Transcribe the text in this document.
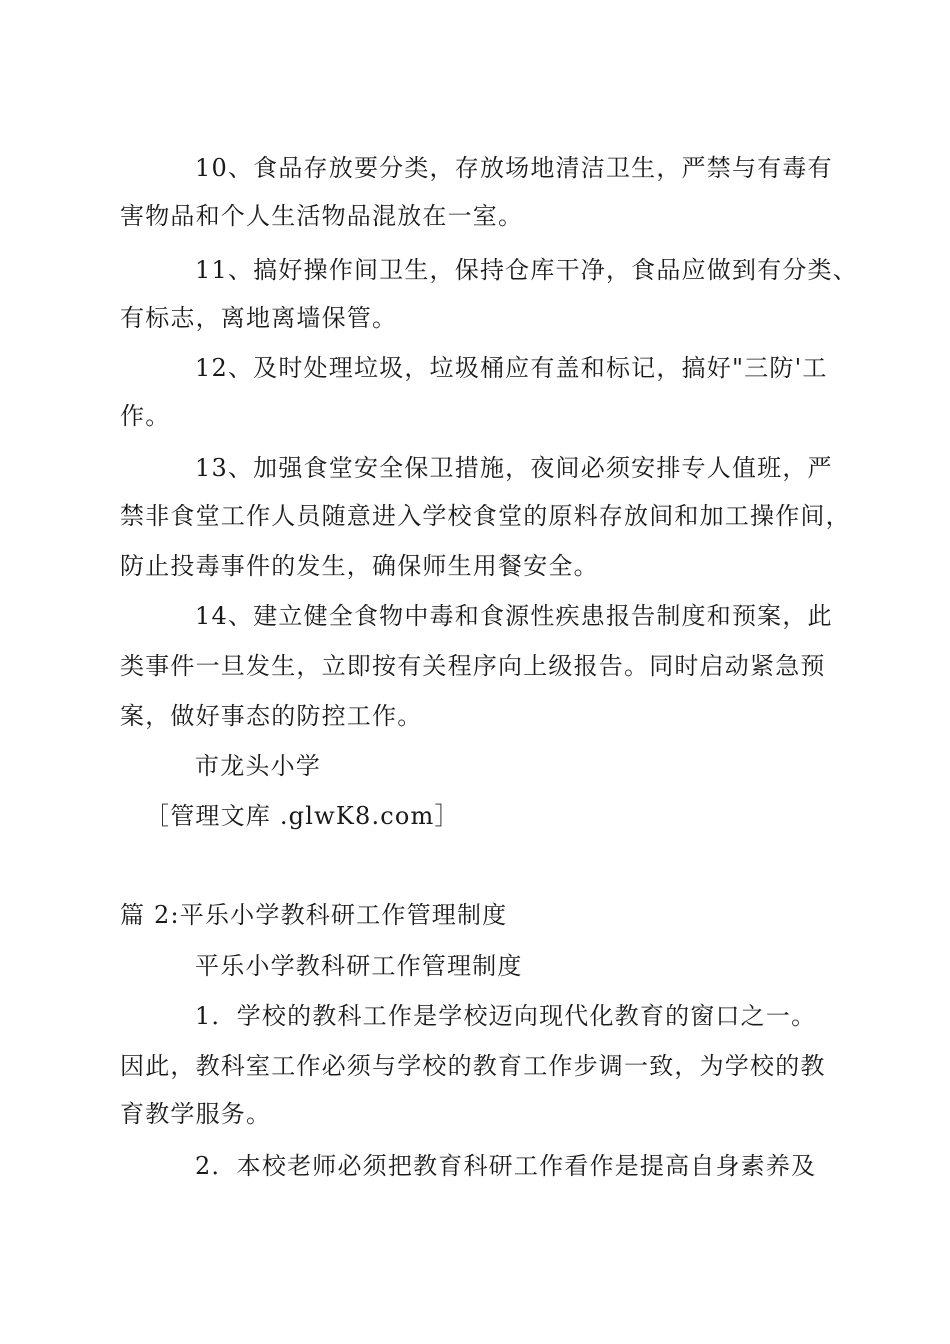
10、食品存放要分类，存放场地清洁卫生，严禁与有毒有
害物品和个人生活物品混放在一室。
11、搞好操作间卫生，保持仓库干净，食品应做到有分类、
有标志，离地离墙保管。
12、及时处理垃圾，垃圾桶应有盖和标记，搞好"三防'工
作。
13、加强食堂安全保卫措施，夜间必须安排专人值班，严
禁非食堂工作人员随意进入学校食堂的原料存放间和加工操作间，
防止投毒事件的发生，确保师生用餐安全。
14、建立健全食物中毒和食源性疾患报告制度和预案，此
类事件一旦发生，立即按有关程序向上级报告。同时启动紧急预
案，做好事态的防控工作。
市龙头小学
［管理文库 .glwK8.com］
篇 2:平乐小学教科研工作管理制度
平乐小学教科研工作管理制度
1．学校的教科工作是学校迈向现代化教育的窗口之一。
因此，教科室工作必须与学校的教育工作步调一致，为学校的教
育教学服务。
2．本校老师必须把教育科研工作看作是提高自身素养及
